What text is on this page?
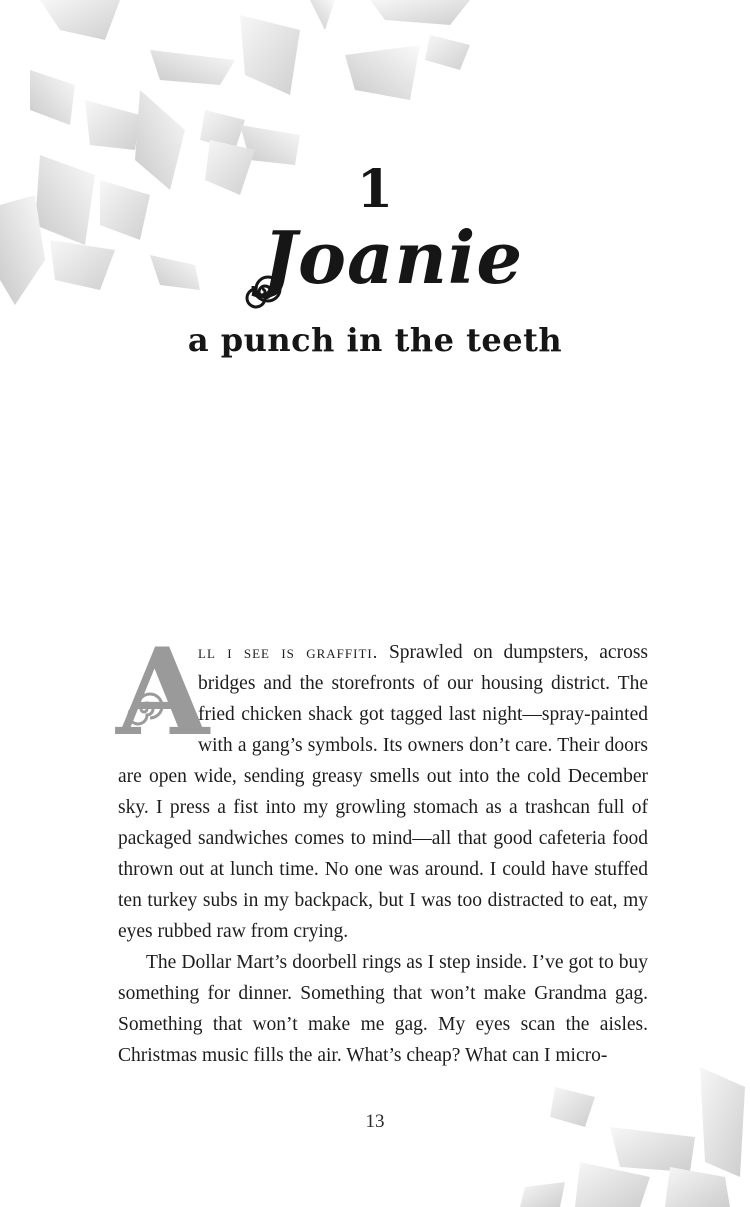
1
Joanie
a punch in the teeth

A
ll i see is graffiti. Sprawled on dumpsters, across bridges and the storefronts of our housing district. The fried chicken shack got tagged last night—spray-painted with a gang’s symbols. Its owners don’t care. Their doors are open wide, sending greasy smells out into the cold December sky. I press a fist into my growling stomach as a trashcan full of packaged sandwiches comes to mind—all that good cafeteria food thrown out at lunch time. No one was around. I could have stuffed ten turkey subs in my backpack, but I was too distracted to eat, my eyes rubbed raw from crying.

The Dollar Mart’s doorbell rings as I step inside. I’ve got to buy something for dinner. Something that won’t make Grandma gag. Something that won’t make me gag. My eyes scan the aisles. Christmas music fills the air. What’s cheap? What can I micro-

13
